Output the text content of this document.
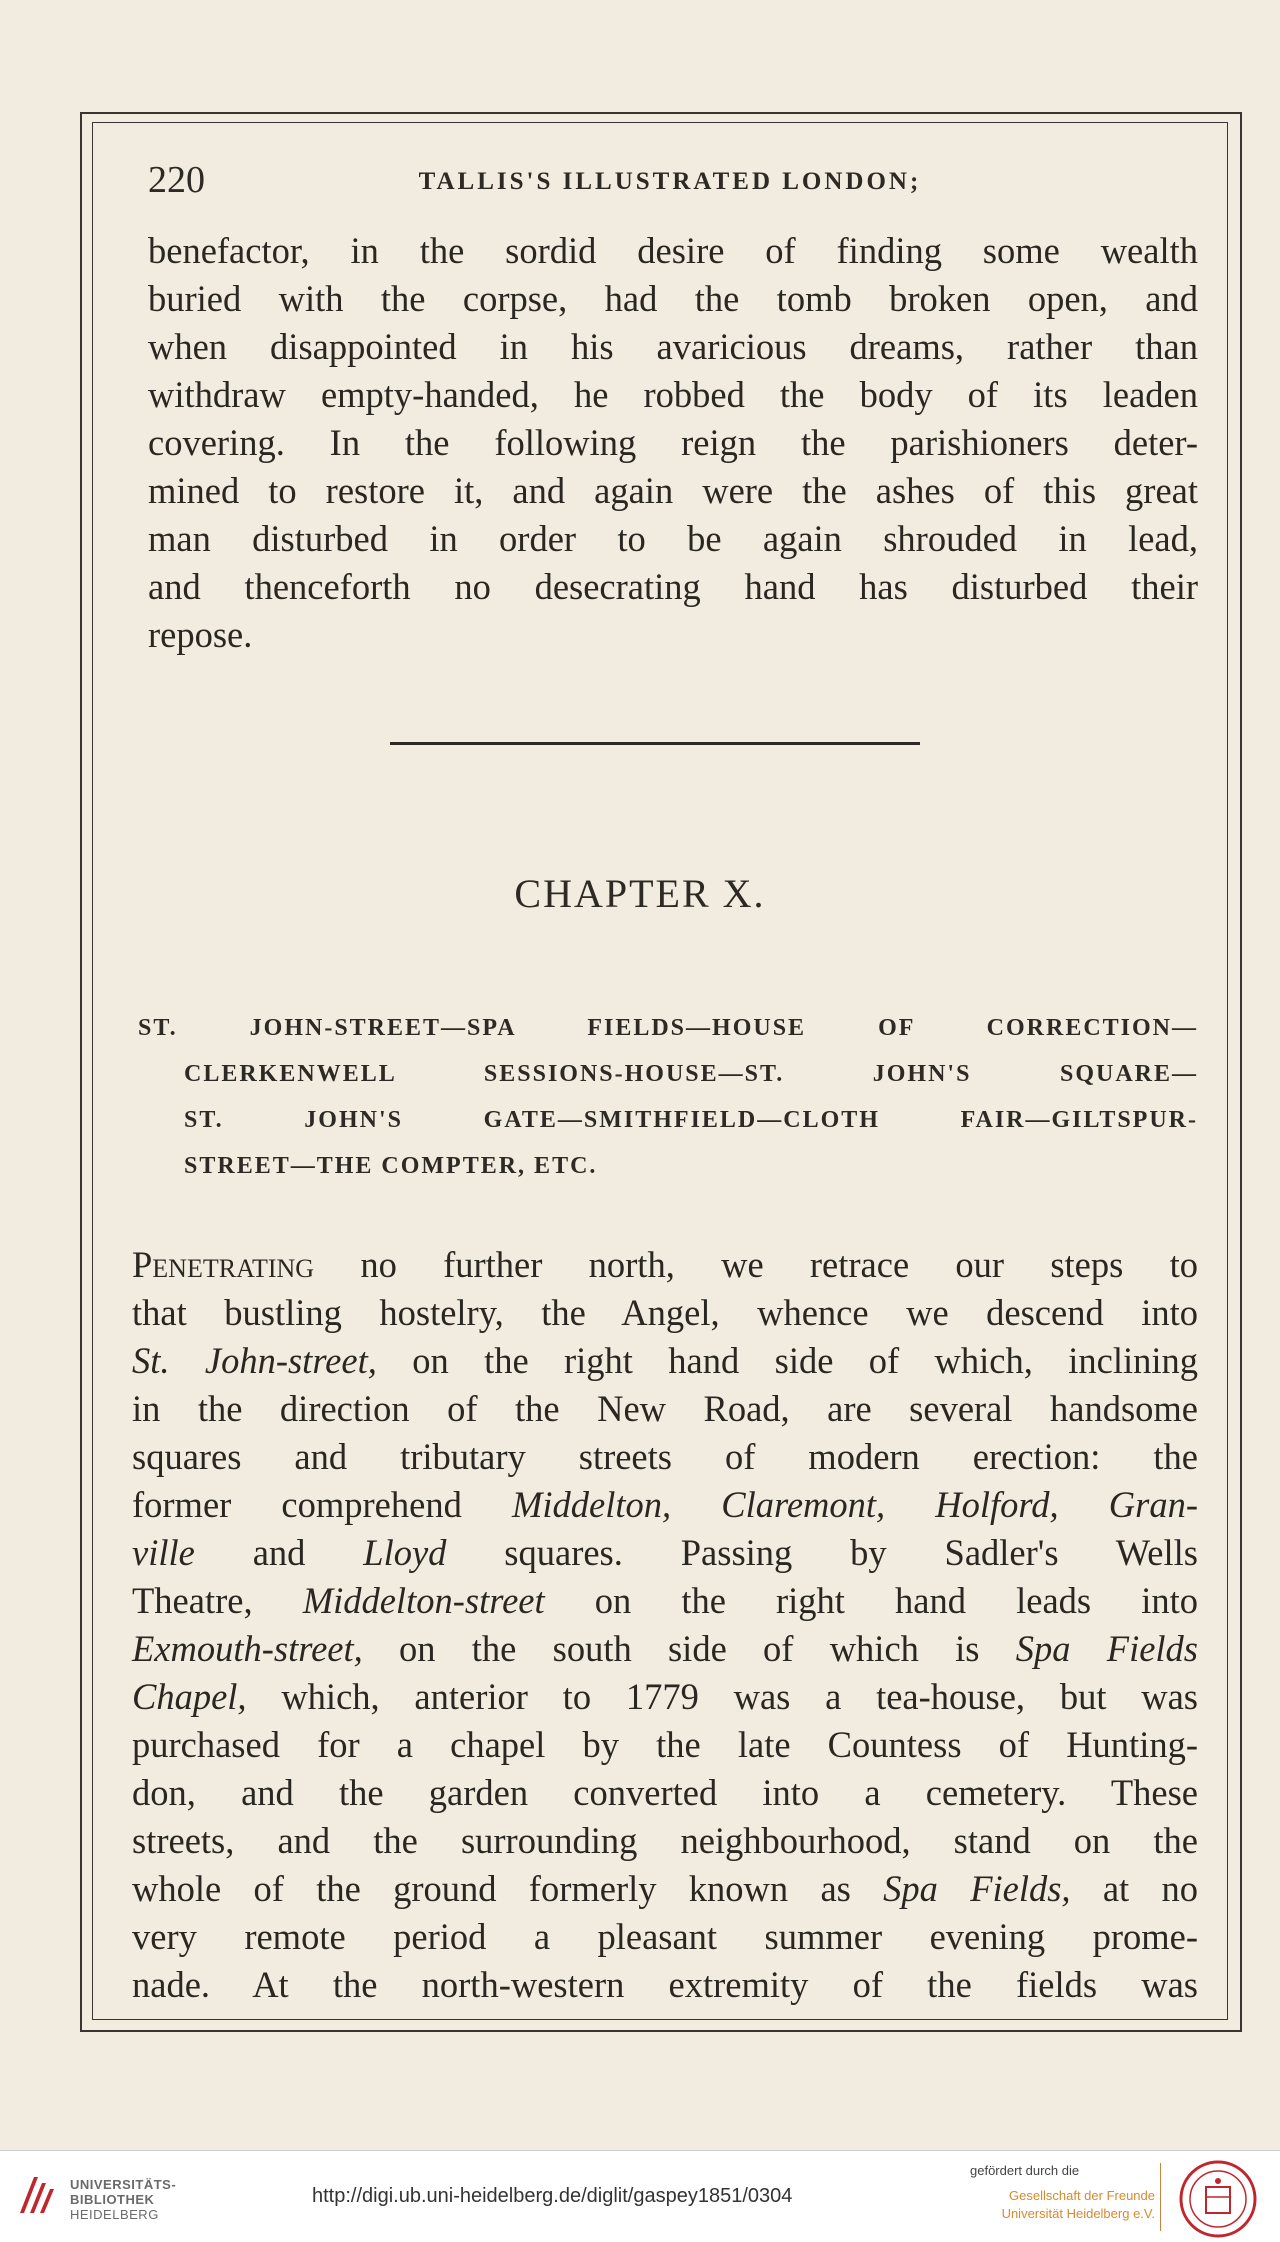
220	TALLIS'S ILLUSTRATED LONDON;
benefactor, in the sordid desire of finding some wealth
buried with the corpse, had the tomb broken open, and
when disappointed in his avaricious dreams, rather than
withdraw empty-handed, he robbed the body of its leaden
covering. In the following reign the parishioners deter-
mined to restore it, and again were the ashes of this great
man disturbed in order to be again shrouded in lead,
and thenceforth no desecrating hand has disturbed their
repose.
CHAPTER X.
ST. JOHN-STREET—SPA FIELDS—HOUSE OF CORRECTION—
CLERKENWELL SESSIONS-HOUSE—ST. JOHN'S SQUARE—
ST. JOHN'S GATE—SMITHFIELD—CLOTH FAIR—GILTSPUR-
STREET—THE COMPTER, ETC.
Penetrating no further north, we retrace our steps to
that bustling hostelry, the Angel, whence we descend into
St. John-street, on the right hand side of which, inclining
in the direction of the New Road, are several handsome
squares and tributary streets of modern erection: the
former comprehend Middelton, Claremont, Holford, Gran-
ville and Lloyd squares. Passing by Sadler's Wells
Theatre, Middelton-street on the right hand leads into
Exmouth-street, on the south side of which is Spa Fields
Chapel, which, anterior to 1779 was a tea-house, but was
purchased for a chapel by the late Countess of Hunting-
don, and the garden converted into a cemetery. These
streets, and the surrounding neighbourhood, stand on the
whole of the ground formerly known as Spa Fields, at no
very remote period a pleasant summer evening prome-
nade. At the north-western extremity of the fields was
UNIVERSITÄTS-
BIBLIOTHEK
HEIDELBERG
http://digi.ub.uni-heidelberg.de/diglit/gaspey1851/0304
gefördert durch die
Gesellschaft der Freunde
Universität Heidelberg e.V.
